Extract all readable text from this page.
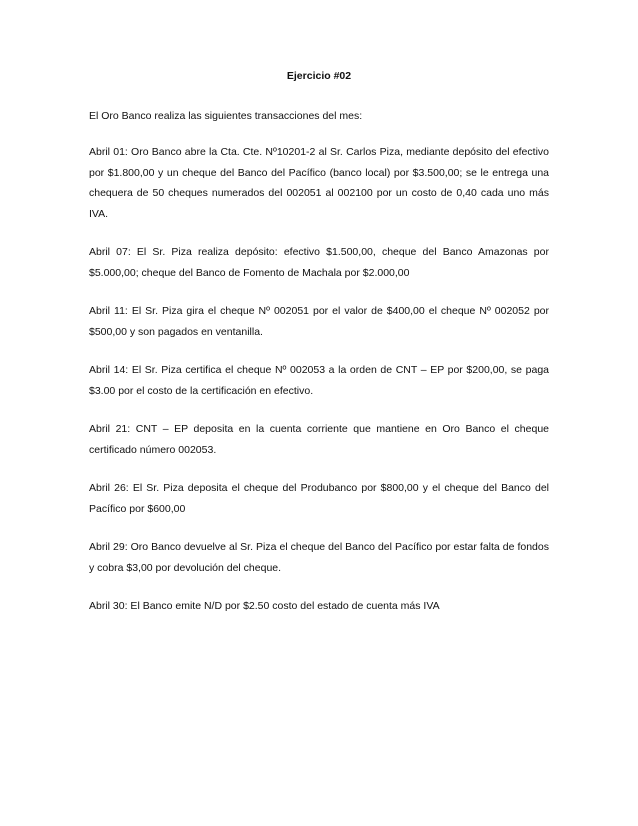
Ejercicio #02

El Oro Banco realiza las siguientes transacciones del mes:

Abril 01: Oro Banco abre la Cta. Cte. Nº10201-2 al Sr. Carlos Piza, mediante depósito del efectivo por $1.800,00 y un cheque del Banco del Pacífico (banco local) por $3.500,00; se le entrega una chequera de 50 cheques numerados del 002051 al 002100 por un costo de 0,40 cada uno más IVA.

Abril 07: El Sr. Piza realiza depósito: efectivo $1.500,00, cheque del Banco Amazonas por $5.000,00; cheque del Banco de Fomento de Machala por $2.000,00

Abril 11: El Sr. Piza gira el cheque Nº 002051 por el valor de $400,00 el cheque Nº 002052 por $500,00 y son pagados en ventanilla.

Abril 14: El Sr. Piza certifica el cheque Nº 002053 a la orden de CNT – EP por $200,00, se paga $3.00 por el costo de la certificación en efectivo.

Abril 21: CNT – EP deposita en la cuenta corriente que mantiene en Oro Banco el cheque certificado número 002053.

Abril 26: El Sr. Piza deposita el cheque del Produbanco por $800,00 y el cheque del Banco del Pacífico por $600,00

Abril 29: Oro Banco devuelve al Sr. Piza el cheque del Banco del Pacífico por estar falta de fondos y cobra $3,00 por devolución del cheque.

Abril 30: El Banco emite N/D por $2.50 costo del estado de cuenta más IVA
